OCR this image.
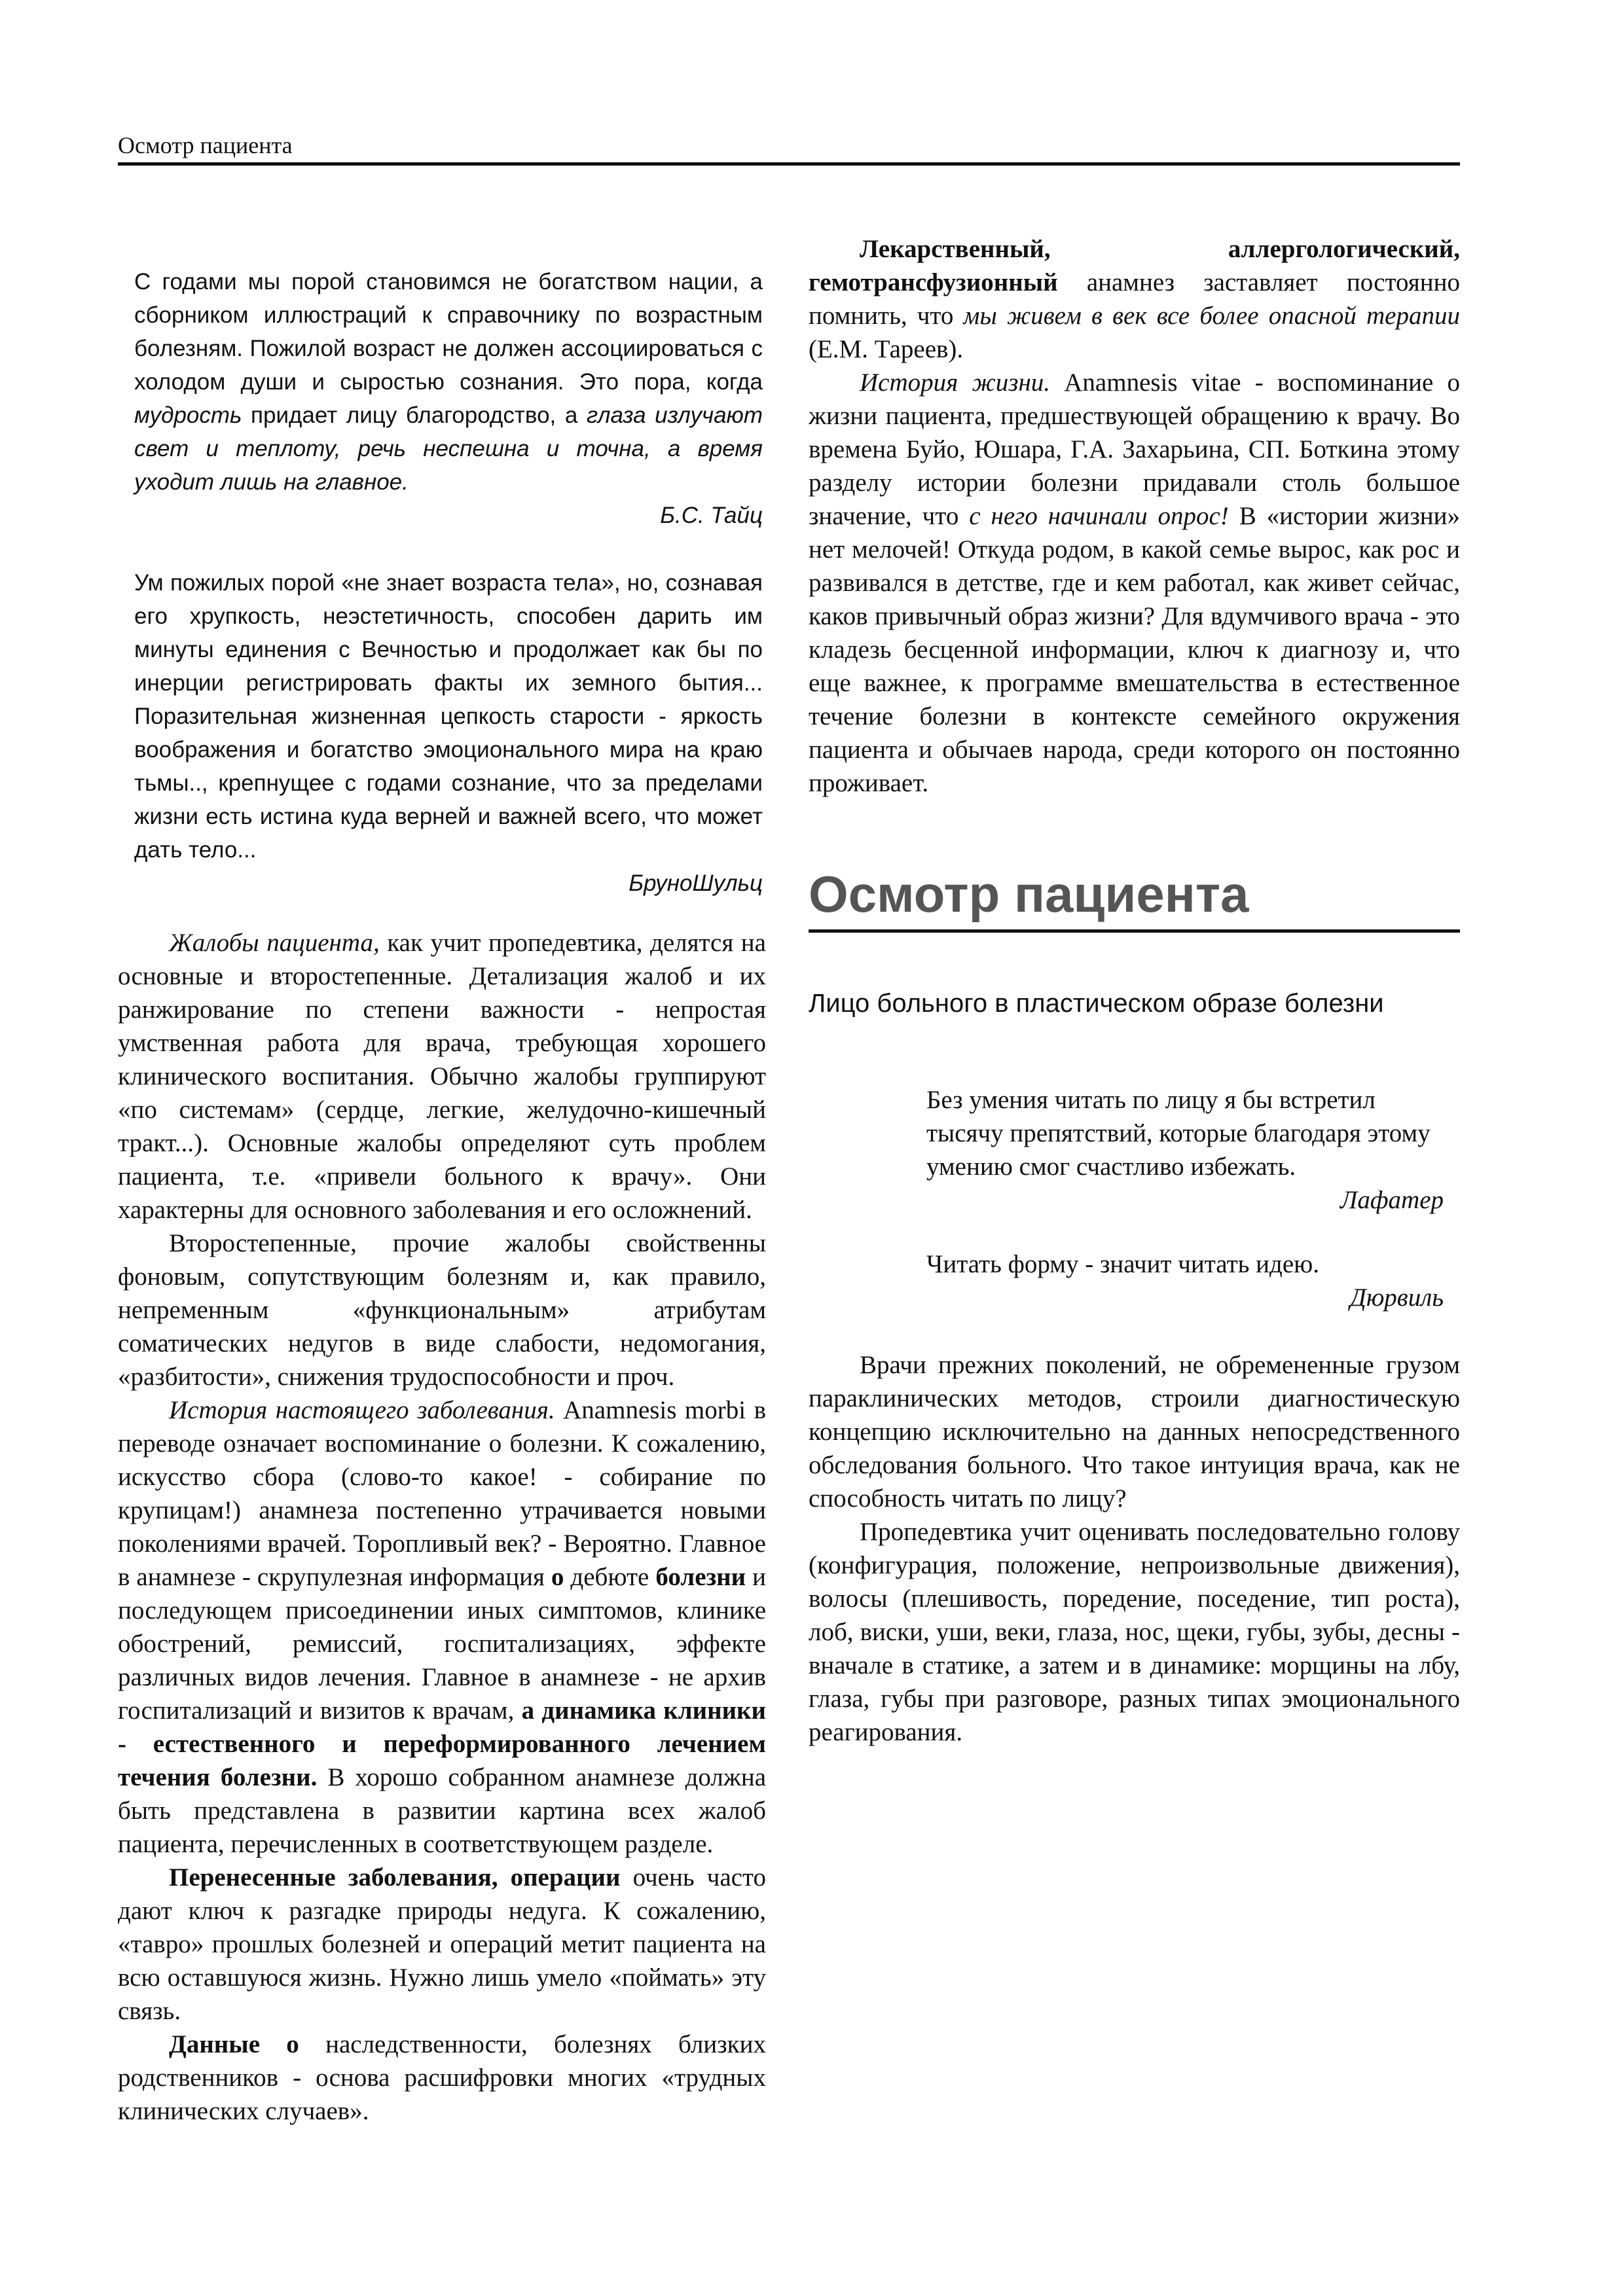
Осмотр пациента

С годами мы порой становимся не богатством нации, а сборником иллюстраций к справочнику по возрастным болезням. Пожилой возраст не должен ассоциироваться с холодом души и сыростью сознания. Это пора, когда мудрость придает лицу благородство, а глаза излучают свет и теплоту, речь неспешна и точна, а время уходит лишь на главное.

Б.С. Тайц

Ум пожилых порой «не знает возраста тела», но, сознавая его хрупкость, неэстетичность, способен дарить им минуты единения с Вечностью и продолжает как бы по инерции регистрировать факты их земного бытия... Поразительная жизненная цепкость старости - яркость воображения и богатство эмоционального мира на краю тьмы.., крепнущее с годами сознание, что за пределами жизни есть истина куда верней и важней всего, что может дать тело...

БруноШульц

Жалобы пациента, как учит пропедевтика, делятся на основные и второстепенные. Детализация жалоб и их ранжирование по степени важности - непростая умственная работа для врача, требующая хорошего клинического воспитания. Обычно жалобы группируют «по системам» (сердце, легкие, желудочно-кишечный тракт...). Основные жалобы определяют суть проблем пациента, т.е. «привели больного к врачу». Они характерны для основного заболевания и его осложнений.

Второстепенные, прочие жалобы свойственны фоновым, сопутствующим болезням и, как правило, непременным «функциональным» атрибутам соматических недугов в виде слабости, недомогания, «разбитости», снижения трудоспособности и проч.

История настоящего заболевания. Anamnesis morbi в переводе означает воспоминание о болезни. К сожалению, искусство сбора (слово-то какое! - собирание по крупицам!) анамнеза постепенно утрачивается новыми поколениями врачей. Торопливый век? - Вероятно. Главное в анамнезе - скрупулезная информация о дебюте болезни и последующем присоединении иных симптомов, клинике обострений, ремиссий, госпитализациях, эффекте различных видов лечения. Главное в анамнезе - не архив госпитализаций и визитов к врачам, а динамика клиники - естественного и переформированного лечением течения болезни. В хорошо собранном анамнезе должна быть представлена в развитии картина всех жалоб пациента, перечисленных в соответствующем разделе.

Перенесенные заболевания, операции очень часто дают ключ к разгадке природы недуга. К сожалению, «тавро» прошлых болезней и операций метит пациента на всю оставшуюся жизнь. Нужно лишь умело «поймать» эту связь.

Данные о наследственности, болезнях близких родственников - основа расшифровки многих «трудных клинических случаев».

Лекарственный, аллергологический, гемотрансфузионный анамнез заставляет постоянно помнить, что мы живем в век все более опасной терапии (Е.М. Тареев).

История жизни. Anamnesis vitae - воспоминание о жизни пациента, предшествующей обращению к врачу. Во времена Буйо, Юшара, Г.А. Захарьина, СП. Боткина этому разделу истории болезни придавали столь большое значение, что с него начинали опрос! В «истории жизни» нет мелочей! Откуда родом, в какой семье вырос, как рос и развивался в детстве, где и кем работал, как живет сейчас, каков привычный образ жизни? Для вдумчивого врача - это кладезь бесценной информации, ключ к диагнозу и, что еще важнее, к программе вмешательства в естественное течение болезни в контексте семейного окружения пациента и обычаев народа, среди которого он постоянно проживает.

Осмотр пациента
Лицо больного в пластическом образе болезни

Без умения читать по лицу я бы встретил тысячу препятствий, которые благодаря этому умению смог счастливо избежать.

Лафатер

Читать форму - значит читать идею.

Дюрвиль

Врачи прежних поколений, не обремененные грузом параклинических методов, строили диагностическую концепцию исключительно на данных непосредственного обследования больного. Что такое интуиция врача, как не способность читать по лицу?

Пропедевтика учит оценивать последовательно голову (конфигурация, положение, непроизвольные движения), волосы (плешивость, поредение, поседение, тип роста), лоб, виски, уши, веки, глаза, нос, щеки, губы, зубы, десны - вначале в статике, а затем и в динамике: морщины на лбу, глаза, губы при разговоре, разных типах эмоционального реагирования.
